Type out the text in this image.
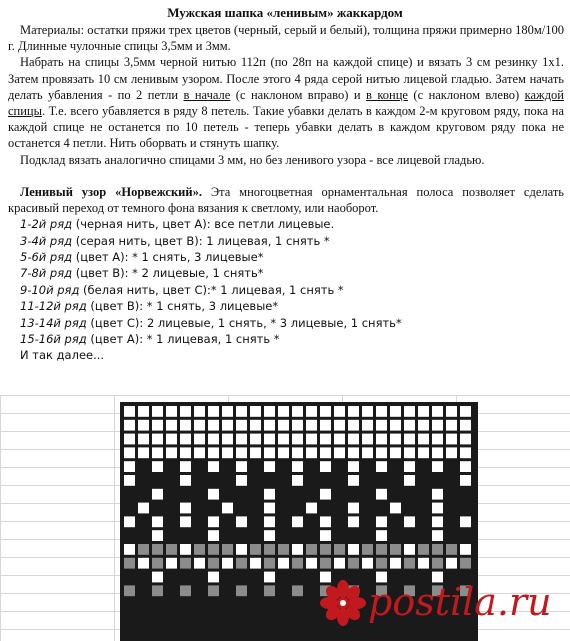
Мужская шапка «ленивым» жаккардом

Материалы: остатки пряжи трех цветов (черный, серый и белый), толщина пряжи примерно 180м/100 г. Длинные чулочные спицы 3,5мм и 3мм.

Набрать на спицы 3,5мм черной нитью 112п (по 28п на каждой спице) и вязать 3 см резинку 1х1. Затем провязать 10 см ленивым узором. После этого 4 ряда серой нитью лицевой гладью. Затем начать делать убавления - по 2 петли в начале (с наклоном вправо) и в конце (с наклоном влево) каждой спицы. Т.е. всего убавляется в ряду 8 петель. Такие убавки делать в каждом 2-м круговом ряду, пока на каждой спице не останется по 10 петель - теперь убавки делать в каждом круговом ряду пока не останется 4 петли. Нить оборвать и стянуть шапку.

Подклад вязать аналогично спицами 3 мм, но без ленивого узора - все лицевой гладью.

Ленивый узор «Норвежский». Эта многоцветная орнаментальная полоса позволяет сделать красивый переход от темного фона вязания к светлому, или наоборот.

1-2й ряд (черная нить, цвет А): все петли лицевые.
3-4й ряд (серая нить, цвет В): 1 лицевая, 1 снять *
5-6й ряд (цвет А): * 1 снять, 3 лицевые*
7-8й ряд (цвет В): * 2 лицевые, 1 снять*
9-10й ряд (белая нить, цвет С):* 1 лицевая, 1 снять *
11-12й ряд (цвет В): * 1 снять, 3 лицевые*
13-14й ряд (цвет С): 2 лицевые, 1 снять, * 3 лицевые, 1 снять*
15-16й ряд (цвет А): * 1 лицевая, 1 снять *
И так далее...
postila.ru
